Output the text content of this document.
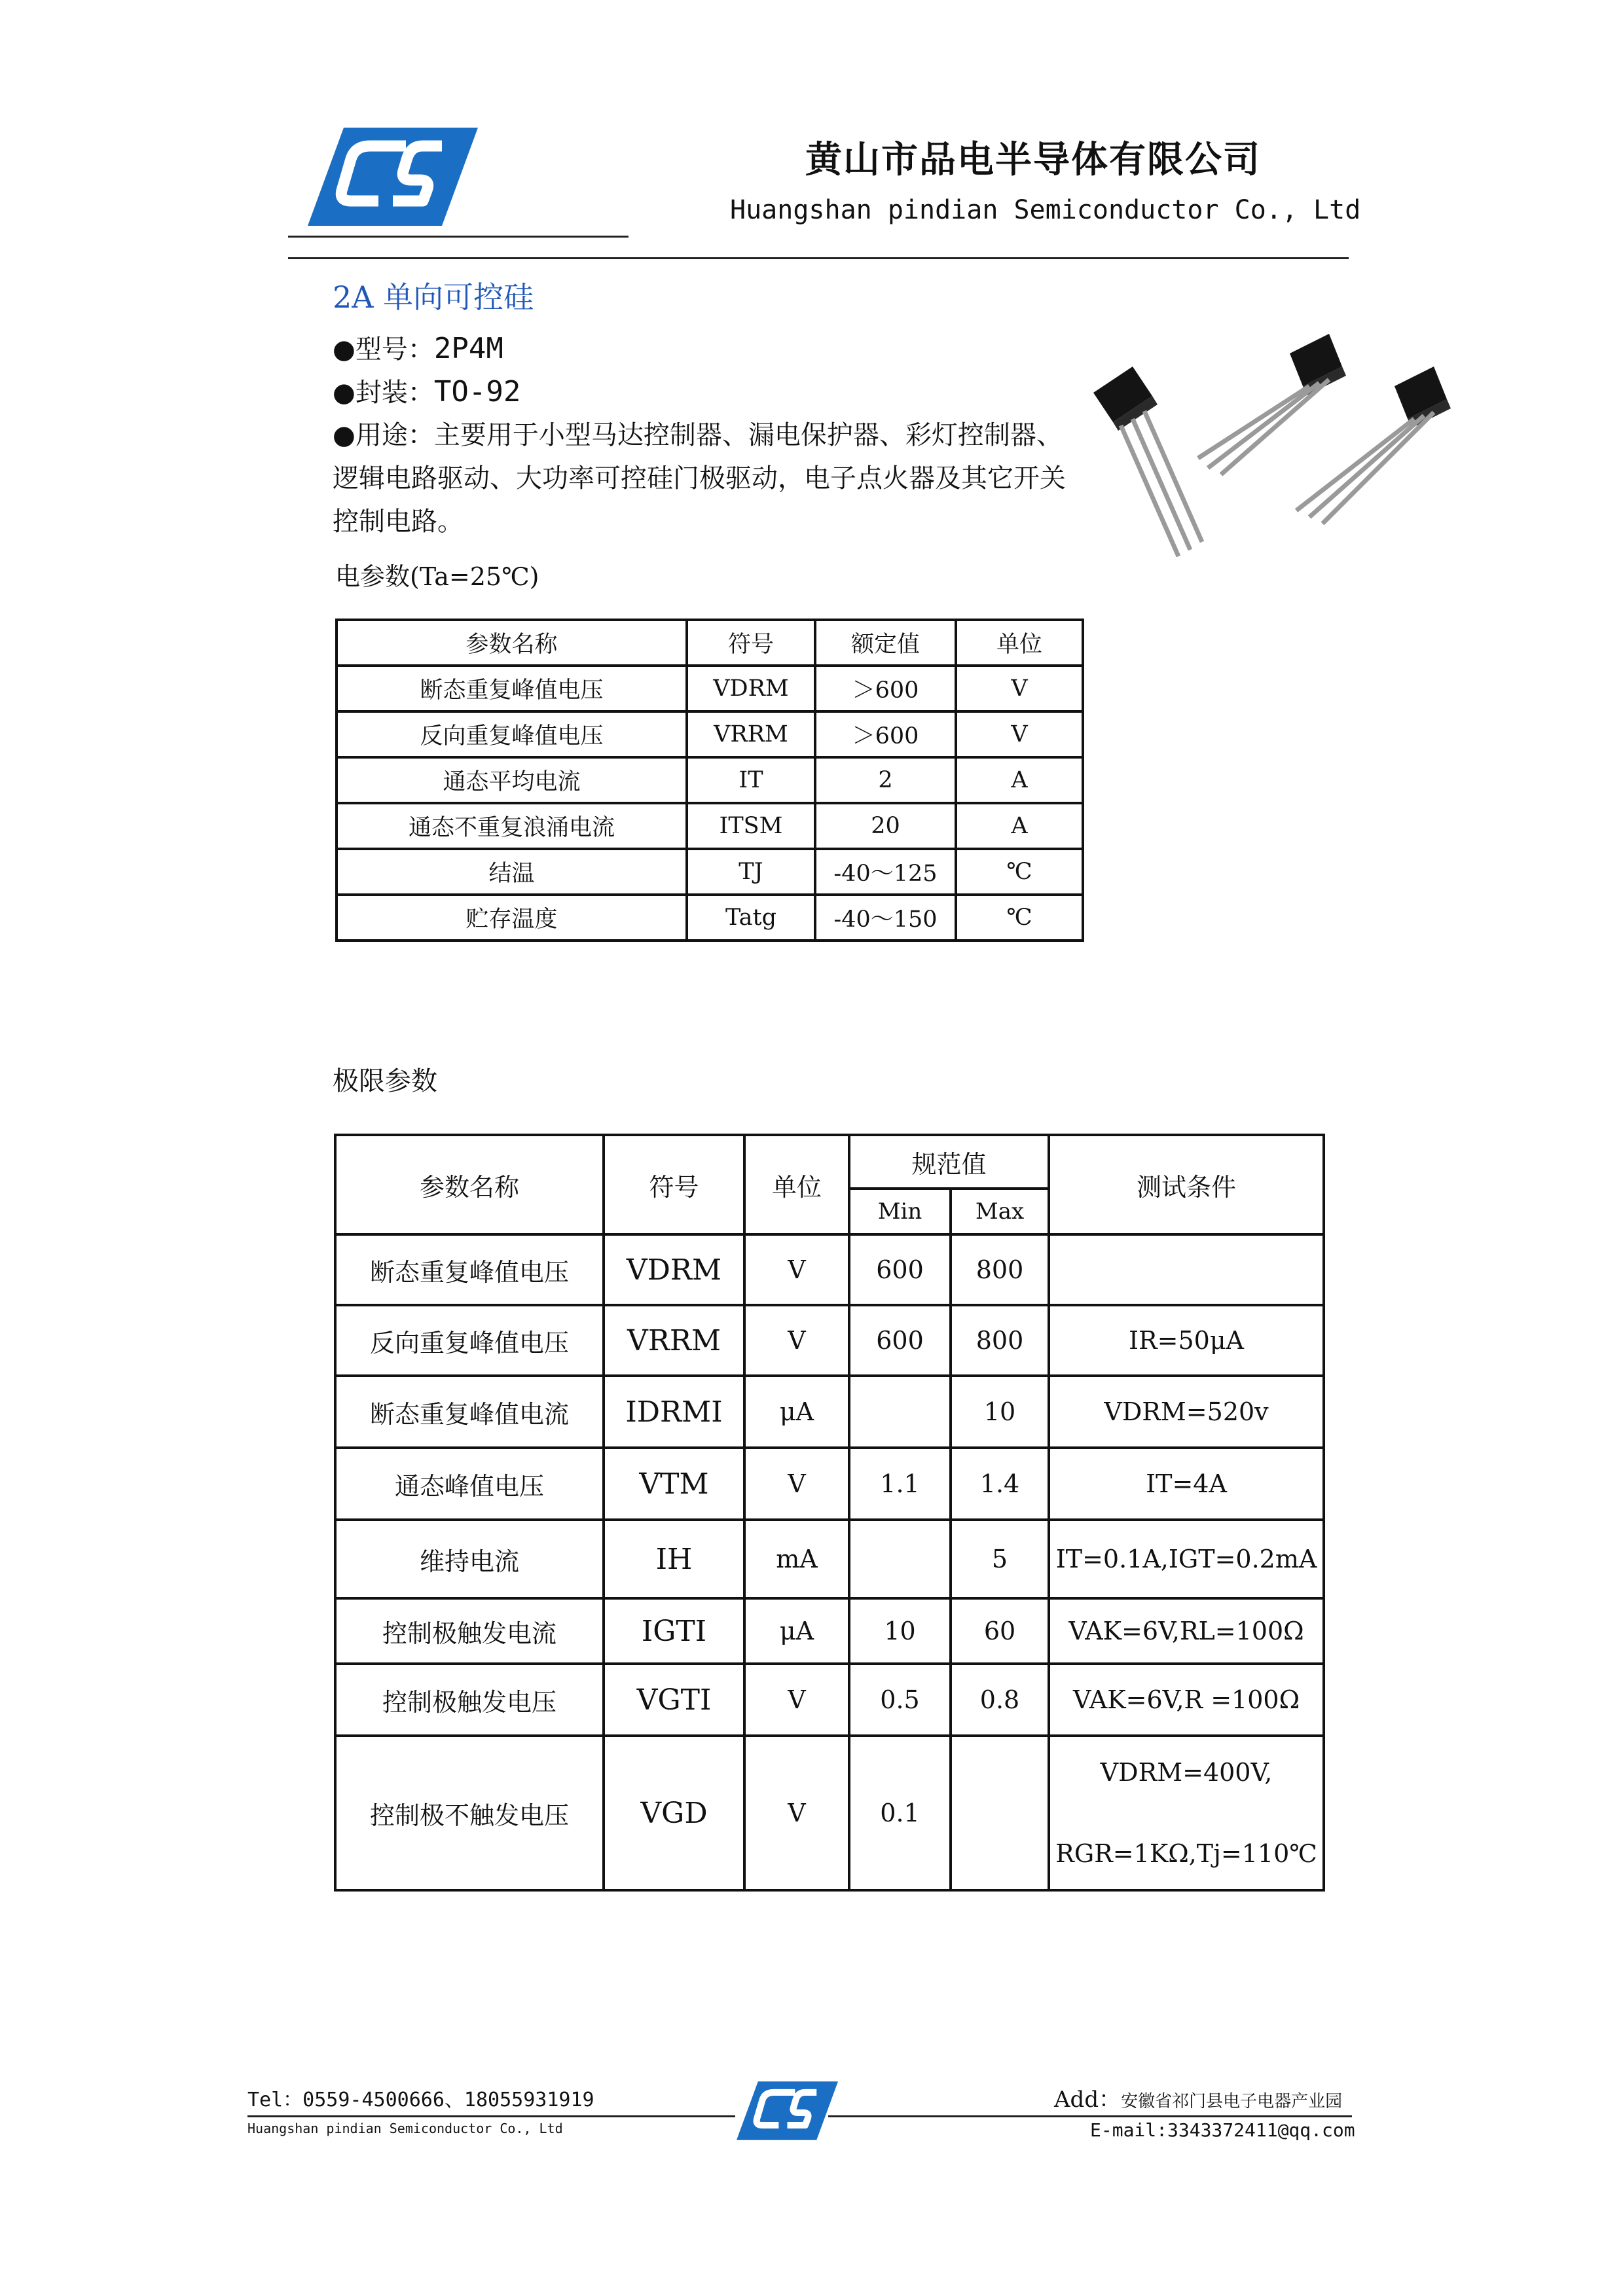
黄山市品电半导体有限公司
Huangshan pindian Semiconductor Co., Ltd
2A 单向可控硅
●型号：2P4M
●封装：TO-92
●用途：主要用于小型马达控制器、漏电保护器、彩灯控制器、逻辑电路驱动、大功率可控硅门极驱动，电子点火器及其它开关控制电路。
电参数(Ta=25℃)
参数名称	符号	额定值	单位
断态重复峰值电压	VDRM	＞600	V
反向重复峰值电压	VRRM	＞600	V
通态平均电流	IT	2	A
通态不重复浪涌电流	ITSM	20	A
结温	TJ	-40～125	℃
贮存温度	Tatg	-40～150	℃
极限参数
参数名称	符号	单位	规范值		测试条件
			Min	Max	
断态重复峰值电压	VDRM	V	600	800	
反向重复峰值电压	VRRM	V	600	800	IR=50μA
断态重复峰值电流	IDRMI	μA		10	VDRM=520v
通态峰值电压	VTM	V	1.1	1.4	IT=4A
维持电流	IH	mA		5	IT=0.1A,IGT=0.2mA
控制极触发电流	IGTI	μA	10	60	VAK=6V,RL=100Ω
控制极触发电压	VGTI	V	0.5	0.8	VAK=6V,R =100Ω
控制极不触发电压	VGD	V	0.1		VDRM=400V,
RGR=1KΩ,Tj=110℃
Tel：0559-4500666、18055931919
Huangshan pindian Semiconductor Co., Ltd
Add：安徽省祁门县电子电器产业园
E-mail:3343372411@qq.com
